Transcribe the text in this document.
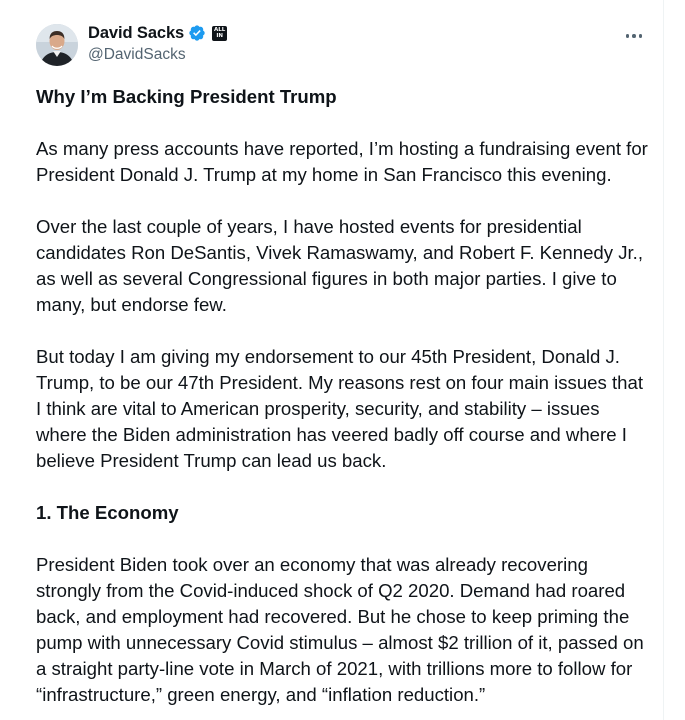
David Sacks	ALL
IN
@DavidSacks
Why I’m Backing President Trump

As many press accounts have reported, I’m hosting a fundraising event for President Donald J. Trump at my home in San Francisco this evening.

Over the last couple of years, I have hosted events for presidential candidates Ron DeSantis, Vivek Ramaswamy, and Robert F. Kennedy Jr., as well as several Congressional figures in both major parties. I give to many, but endorse few.

But today I am giving my endorsement to our 45th President, Donald J. Trump, to be our 47th President. My reasons rest on four main issues that I think are vital to American prosperity, security, and stability – issues where the Biden administration has veered badly off course and where I believe President Trump can lead us back.

1. The Economy

President Biden took over an economy that was already recovering strongly from the Covid-induced shock of Q2 2020. Demand had roared back, and employment had recovered. But he chose to keep priming the pump with unnecessary Covid stimulus – almost $2 trillion of it, passed on a straight party-line vote in March of 2021, with trillions more to follow for “infrastructure,” green energy, and “inflation reduction.”
